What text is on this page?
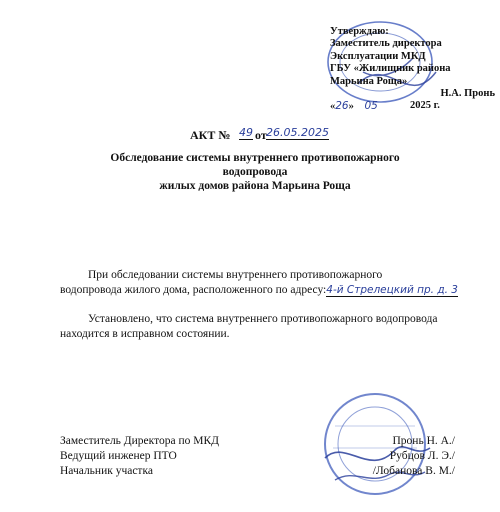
Утверждаю:
Заместитель директора
Эксплуатации МКД
ГБУ «Жилищник района
Марьина Роща»
Н.А. Пронь
«26» 05	2025 г.
АКТ № 49 от 26.05.2025
Обследование системы внутреннего противопожарного водопровода
жилых домов района Марьина Роща
При обследовании системы внутреннего противопожарного
водопровода жилого дома, расположенного по адресу:4-й Стрелецкий пр. д. 3
Установлено, что система внутреннего противопожарного водопровода
находится в исправном состоянии.
Заместитель Директора по МКД
Ведущий инженер ПТО
Начальник участка
Пронь Н. А./
Рубцов Л. Э./
/Лобанова В. М./
